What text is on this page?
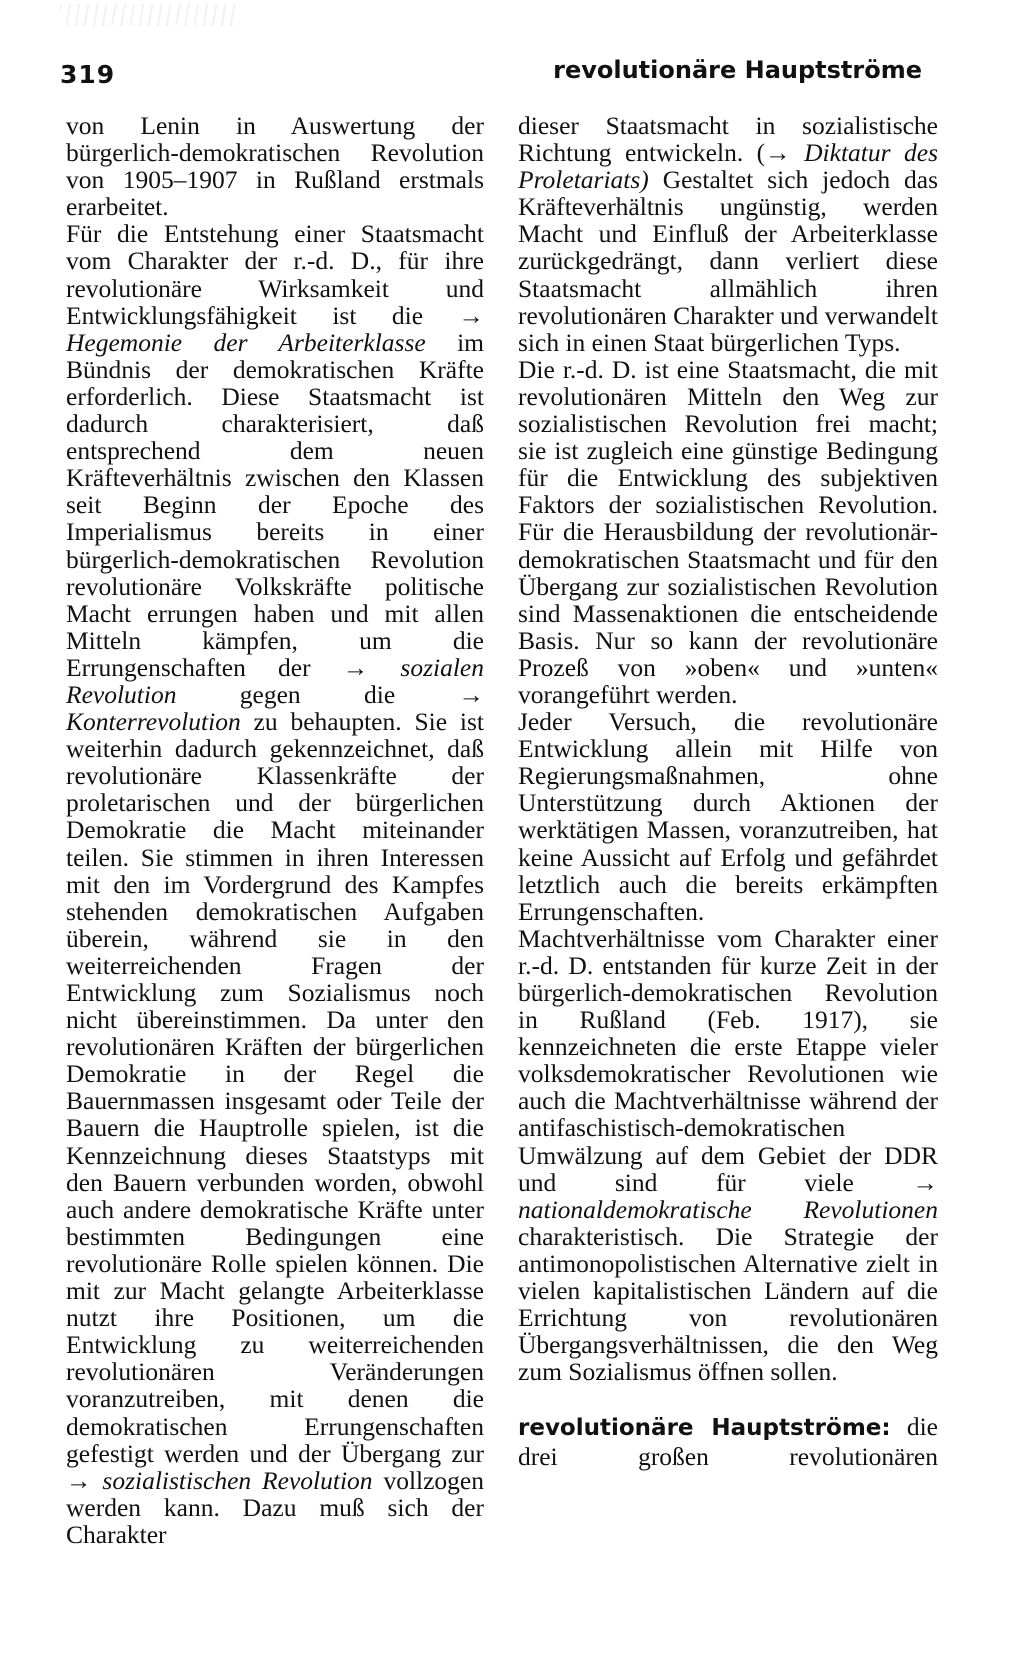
319	revolutionäre Hauptströme

von Lenin in Auswertung der bürgerlich-demokratischen Revolution von 1905–1907 in Rußland erstmals erarbeitet.

Für die Entstehung einer Staatsmacht vom Charakter der r.-d. D., für ihre revolutionäre Wirksamkeit und Entwicklungsfähigkeit ist die → Hegemonie der Arbeiterklasse im Bündnis der demokratischen Kräfte erforderlich. Diese Staatsmacht ist dadurch charakterisiert, daß entsprechend dem neuen Kräfteverhältnis zwischen den Klassen seit Beginn der Epoche des Imperialismus bereits in einer bürgerlich-demokratischen Revolution revolutionäre Volkskräfte politische Macht errungen haben und mit allen Mitteln kämpfen, um die Errungenschaften der → sozialen Revolution gegen die → Konterrevolution zu behaupten. Sie ist weiterhin dadurch gekennzeichnet, daß revolutionäre Klassenkräfte der proletarischen und der bürgerlichen Demokratie die Macht miteinander teilen. Sie stimmen in ihren Interessen mit den im Vordergrund des Kampfes stehenden demokratischen Aufgaben überein, während sie in den weiterreichenden Fragen der Entwicklung zum Sozialismus noch nicht übereinstimmen. Da unter den revolutionären Kräften der bürgerlichen Demokratie in der Regel die Bauernmassen insgesamt oder Teile der Bauern die Hauptrolle spielen, ist die Kennzeichnung dieses Staatstyps mit den Bauern verbunden worden, obwohl auch andere demokratische Kräfte unter bestimmten Bedingungen eine revolutionäre Rolle spielen können. Die mit zur Macht gelangte Arbeiterklasse nutzt ihre Positionen, um die Entwicklung zu weiterreichenden revolutionären Veränderungen voranzutreiben, mit denen die demokratischen Errungenschaften gefestigt werden und der Übergang zur → sozialistischen Revolution vollzogen werden kann. Dazu muß sich der Charakter

dieser Staatsmacht in sozialistische Richtung entwickeln. (→ Diktatur des Proletariats) Gestaltet sich jedoch das Kräfteverhältnis ungünstig, werden Macht und Einfluß der Arbeiterklasse zurückgedrängt, dann verliert diese Staatsmacht allmählich ihren revolutionären Charakter und verwandelt sich in einen Staat bürgerlichen Typs.

Die r.-d. D. ist eine Staatsmacht, die mit revolutionären Mitteln den Weg zur sozialistischen Revolution frei macht; sie ist zugleich eine günstige Bedingung für die Entwicklung des subjektiven Faktors der sozialistischen Revolution. Für die Herausbildung der revolutionär-demokratischen Staatsmacht und für den Übergang zur sozialistischen Revolution sind Massenaktionen die entscheidende Basis. Nur so kann der revolutionäre Prozeß von »oben« und »unten« vorangeführt werden.

Jeder Versuch, die revolutionäre Entwicklung allein mit Hilfe von Regierungsmaßnahmen, ohne Unterstützung durch Aktionen der werktätigen Massen, voranzutreiben, hat keine Aussicht auf Erfolg und gefährdet letztlich auch die bereits erkämpften Errungenschaften.

Machtverhältnisse vom Charakter einer r.-d. D. entstanden für kurze Zeit in der bürgerlich-demokratischen Revolution in Rußland (Feb. 1917), sie kennzeichneten die erste Etappe vieler volksdemokratischer Revolutionen wie auch die Machtverhältnisse während der antifaschistisch-demokratischen Umwälzung auf dem Gebiet der DDR und sind für viele → nationaldemokratische Revolutionen charakteristisch. Die Strategie der antimonopolistischen Alternative zielt in vielen kapitalistischen Ländern auf die Errichtung von revolutionären Übergangsverhältnissen, die den Weg zum Sozialismus öffnen sollen.

revolutionäre Hauptströme: die drei großen revolutionären
